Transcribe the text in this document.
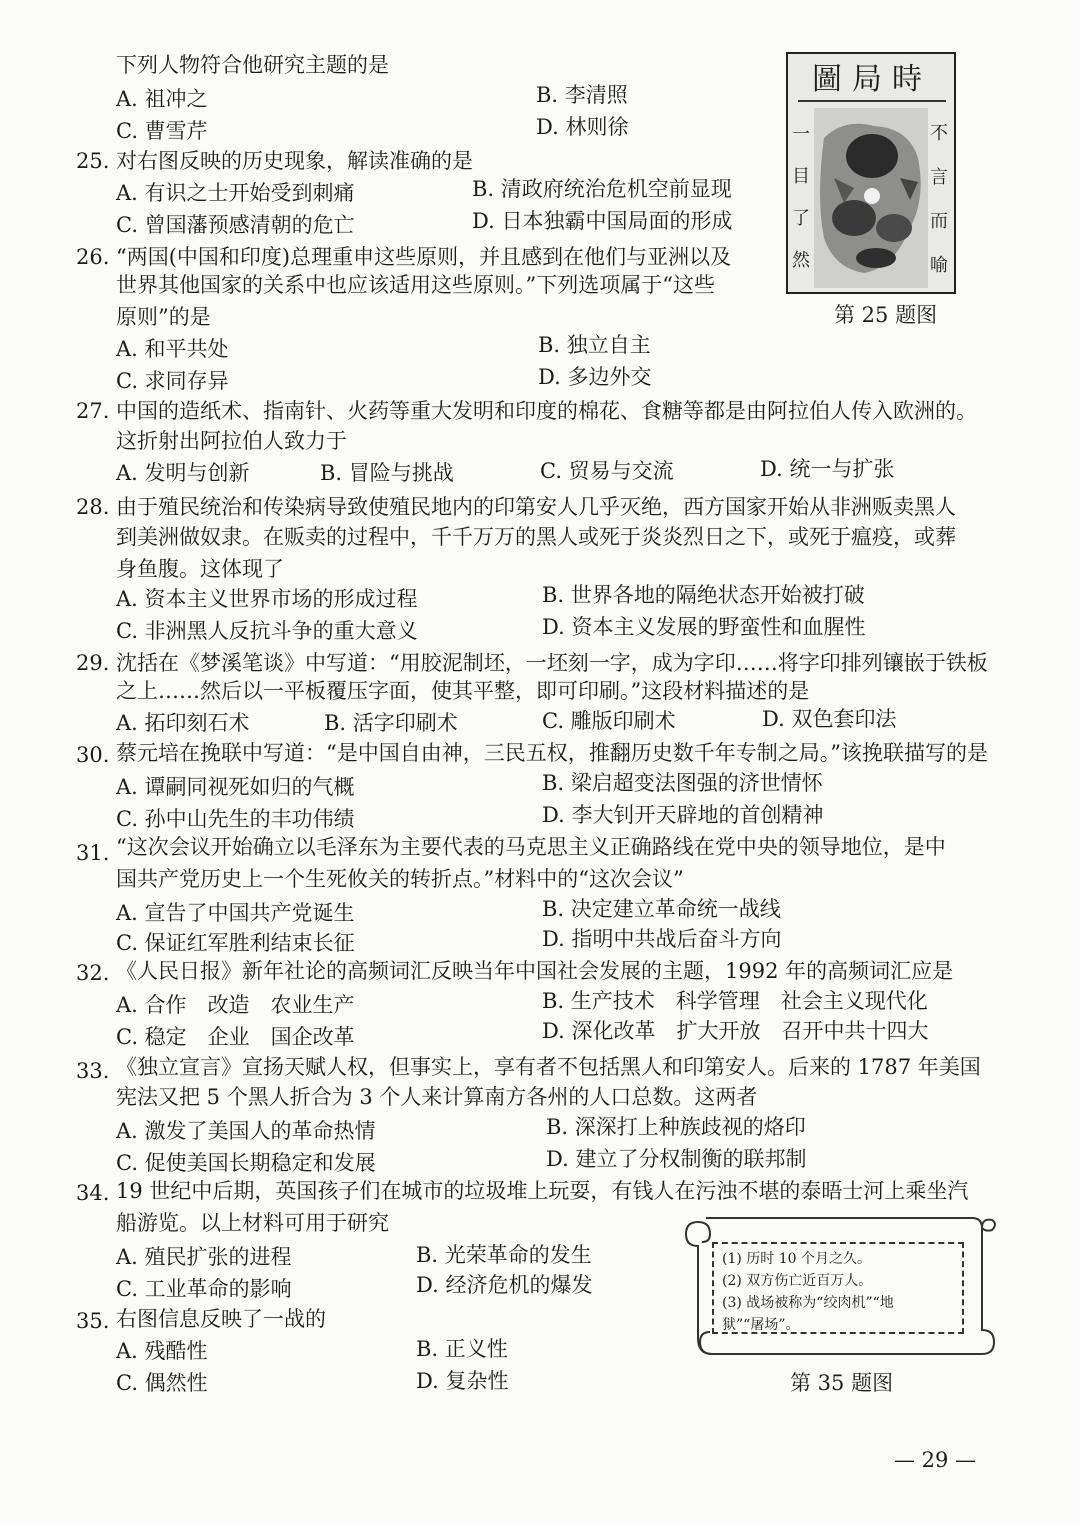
下列人物符合他研究主题的是
A. 祖冲之	B. 李清照
C. 曹雪芹	D. 林则徐
25. 对右图反映的历史现象，解读准确的是
A. 有识之士开始受到刺痛	B. 清政府统治危机空前显现
C. 曾国藩预感清朝的危亡	D. 日本独霸中国局面的形成
圖局時
一目了然
不言而喻
第 25 题图
26. “两国(中国和印度)总理重申这些原则，并且感到在他们与亚洲以及
世界其他国家的关系中也应该适用这些原则。”下列选项属于“这些
原则”的是
A. 和平共处	B. 独立自主
C. 求同存异	D. 多边外交
27. 中国的造纸术、指南针、火药等重大发明和印度的棉花、食糖等都是由阿拉伯人传入欧洲的。
这折射出阿拉伯人致力于
A. 发明与创新	B. 冒险与挑战	C. 贸易与交流	D. 统一与扩张
28. 由于殖民统治和传染病导致使殖民地内的印第安人几乎灭绝，西方国家开始从非洲贩卖黑人
到美洲做奴隶。在贩卖的过程中，千千万万的黑人或死于炎炎烈日之下，或死于瘟疫，或葬
身鱼腹。这体现了
A. 资本主义世界市场的形成过程	B. 世界各地的隔绝状态开始被打破
C. 非洲黑人反抗斗争的重大意义	D. 资本主义发展的野蛮性和血腥性
29. 沈括在《梦溪笔谈》中写道：“用胶泥制坯，一坯刻一字，成为字印……将字印排列镶嵌于铁板
之上……然后以一平板覆压字面，使其平整，即可印刷。”这段材料描述的是
A. 拓印刻石术	B. 活字印刷术	C. 雕版印刷术	D. 双色套印法
30. 蔡元培在挽联中写道：“是中国自由神，三民五权，推翻历史数千年专制之局。”该挽联描写的是
A. 谭嗣同视死如归的气概	B. 梁启超变法图强的济世情怀
C. 孙中山先生的丰功伟绩	D. 李大钊开天辟地的首创精神
31. “这次会议开始确立以毛泽东为主要代表的马克思主义正确路线在党中央的领导地位，是中
国共产党历史上一个生死攸关的转折点。”材料中的“这次会议”
A. 宣告了中国共产党诞生	B. 决定建立革命统一战线
C. 保证红军胜利结束长征	D. 指明中共战后奋斗方向
32. 《人民日报》新年社论的高频词汇反映当年中国社会发展的主题，1992 年的高频词汇应是
A. 合作　改造　农业生产	B. 生产技术　科学管理　社会主义现代化
C. 稳定　企业　国企改革	D. 深化改革　扩大开放　召开中共十四大
33. 《独立宣言》宣扬天赋人权，但事实上，享有者不包括黑人和印第安人。后来的 1787 年美国
宪法又把 5 个黑人折合为 3 个人来计算南方各州的人口总数。这两者
A. 激发了美国人的革命热情	B. 深深打上种族歧视的烙印
C. 促使美国长期稳定和发展	D. 建立了分权制衡的联邦制
34. 19 世纪中后期，英国孩子们在城市的垃圾堆上玩耍，有钱人在污浊不堪的泰晤士河上乘坐汽
船游览。以上材料可用于研究
A. 殖民扩张的进程	B. 光荣革命的发生
C. 工业革命的影响	D. 经济危机的爆发
35. 右图信息反映了一战的
A. 残酷性	B. 正义性
C. 偶然性	D. 复杂性
(1) 历时 10 个月之久。
(2) 双方伤亡近百万人。
(3) 战场被称为“绞肉机”“地
狱”“屠场”。
第 35 题图
— 29 —
